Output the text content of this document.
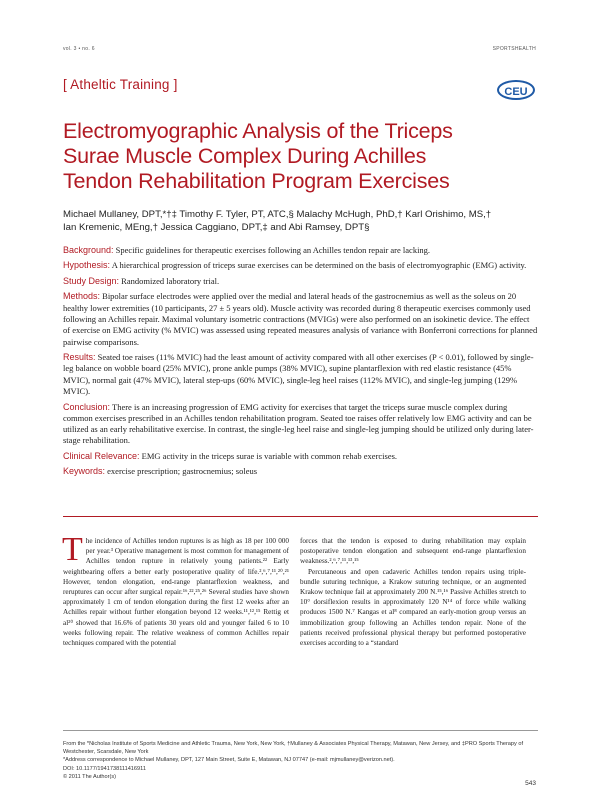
vol. 3 • no. 6	SPORTSHEALTH
[ Atheltic Training ]	CEU
Electromyographic Analysis of the Triceps
Surae Muscle Complex During Achilles
Tendon Rehabilitation Program Exercises
Michael Mullaney, DPT,*†‡ Timothy F. Tyler, PT, ATC,§ Malachy McHugh, PhD,† Karl Orishimo, MS,†
Ian Kremenic, MEng,† Jessica Caggiano, DPT,‡ and Abi Ramsey, DPT§

Background: Specific guidelines for therapeutic exercises following an Achilles tendon repair are lacking.

Hypothesis: A hierarchical progression of triceps surae exercises can be determined on the basis of electromyographic (EMG) activity.

Study Design: Randomized laboratory trial.

Methods: Bipolar surface electrodes were applied over the medial and lateral heads of the gastrocnemius as well as the soleus on 20 healthy lower extremities (10 participants, 27 ± 5 years old). Muscle activity was recorded during 8 therapeutic exercises commonly used following an Achilles repair. Maximal voluntary isometric contractions (MVIGs) were also performed on an isokinetic device. The effect of exercise on EMG activity (% MVIC) was assessed using repeated measures analysis of variance with Bonferroni corrections for planned pairwise comparisons.

Results: Seated toe raises (11% MVIC) had the least amount of activity compared with all other exercises (P < 0.01), followed by single-leg balance on wobble board (25% MVIC), prone ankle pumps (38% MVIC), supine plantarflexion with red elastic resistance (45% MVIC), normal gait (47% MVIC), lateral step-ups (60% MVIC), single-leg heel raises (112% MVIC), and single-leg jumping (129% MVIC).

Conclusion: There is an increasing progression of EMG activity for exercises that target the triceps surae muscle complex during common exercises prescribed in an Achilles tendon rehabilitation program. Seated toe raises offer relatively low EMG activity and can be utilized as an early rehabilitative exercise. In contrast, the single-leg heel raise and single-leg jumping should be utilized only during later-stage rehabilitation.

Clinical Relevance: EMG activity in the triceps surae is variable with common rehab exercises.

Keywords: exercise prescription; gastrocnemius; soleus

The incidence of Achilles tendon ruptures is as high as 18 per 100 000 per year.³ Operative management is most common for management of Achilles tendon rupture in relatively young patients.²² Early weightbearing offers a better early postoperative quality of life.²,⁶,⁷,¹¹,²⁰,²¹ However, tendon elongation, end-range plantarflexion weakness, and reruptures can occur after surgical repair.¹⁶,²²,²⁵,²⁶ Several studies have shown approximately 1 cm of tendon elongation during the first 12 weeks after an Achilles repair without further elongation beyond 12 weeks.¹¹,¹²,¹⁵ Rettig et al²⁰ showed that 16.6% of patients 30 years old and younger failed 6 to 10 weeks following repair. The relative weakness of common Achilles repair techniques compared with the potential

forces that the tendon is exposed to during rehabilitation may explain postoperative tendon elongation and subsequent end-range plantarflexion weakness.²,⁶,⁷,¹¹,¹³,¹⁵

Percutaneous and open cadaveric Achilles tendon repairs using triple-bundle suturing technique, a Krakow suturing technique, or an augmented Krakow technique fail at approximately 200 N.¹⁵,¹⁶ Passive Achilles stretch to 10° dorsiflexion results in approximately 120 N¹⁴ of force while walking produces 1500 N.⁷ Kangas et al⁸ compared an early-motion group versus an immobilization group following an Achilles tendon repair. None of the patients received professional physical therapy but performed postoperative exercises according to a “standard

From the *Nicholas Institute of Sports Medicine and Athletic Trauma, New York, New York, †Mullaney & Associates Physical Therapy, Matawan, New Jersey, and ‡PRO Sports Therapy of Westchester, Scarsdale, New York
*Address correspondence to Michael Mullaney, DPT, 127 Main Street, Suite E, Matawan, NJ 07747 (e-mail: mjmullaney@verizon.net).
DOI: 10.1177/1941738111416911
© 2011 The Author(s)
543
